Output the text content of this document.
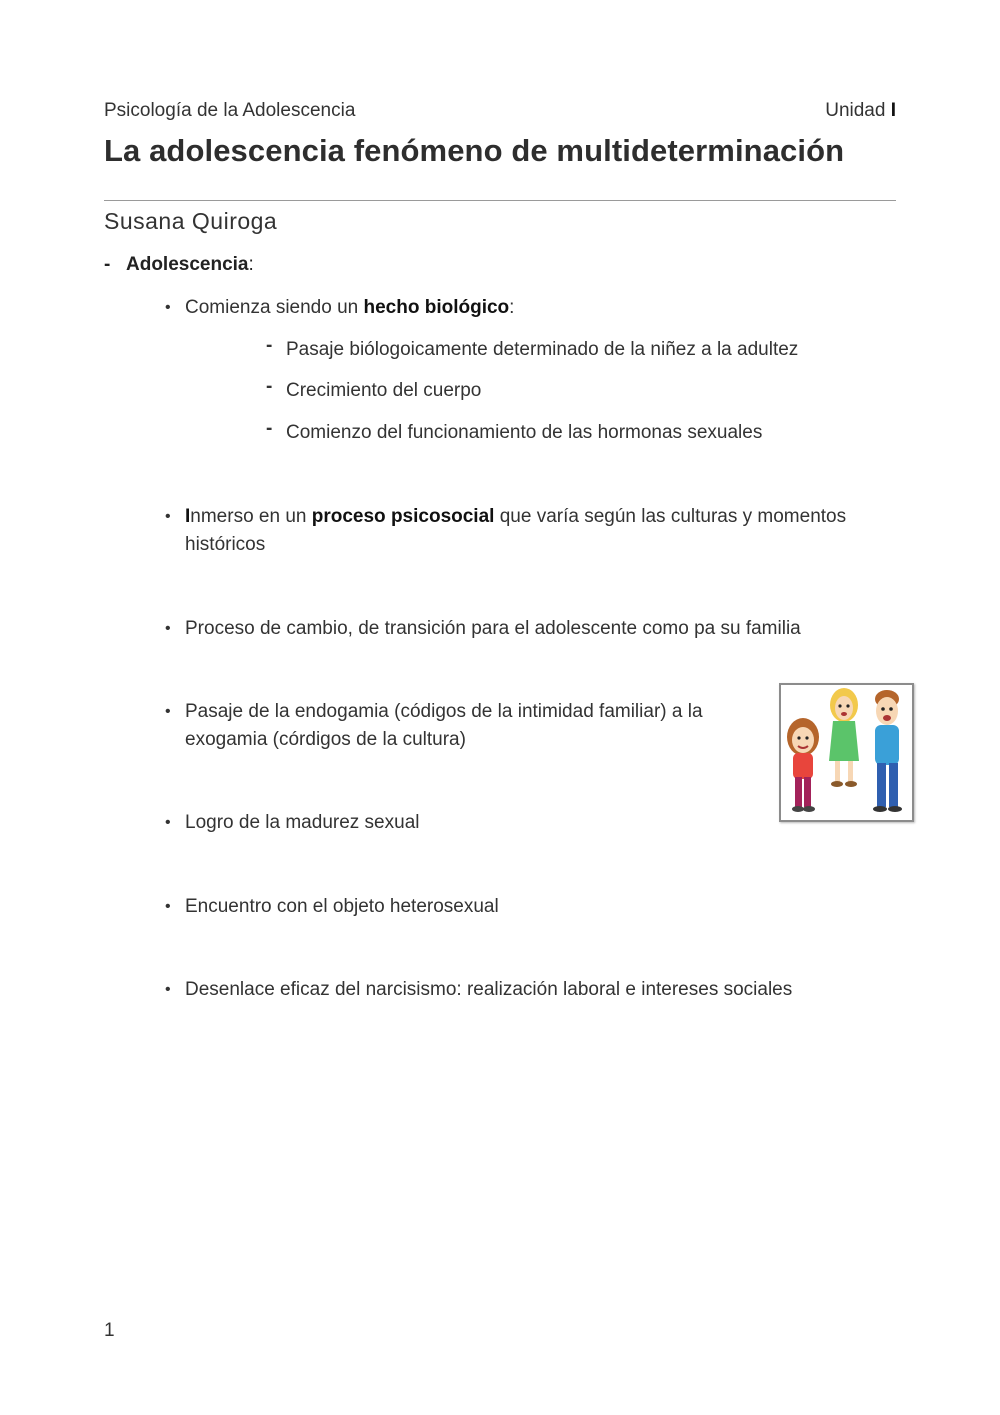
Psicología de la Adolescencia	Unidad I
La adolescencia fenómeno de multideterminación
Susana Quiroga
- Adolescencia:
• Comienza siendo un hecho biológico:
- Pasaje biólogoicamente determinado de la niñez a la adultez
- Crecimiento del cuerpo
- Comienzo del funcionamiento de las hormonas sexuales
• Inmerso en un proceso psicosocial que varía según las culturas y momentos
históricos
• Proceso de cambio, de transición para el adolescente como pa su familia
• Pasaje de la endogamia (códigos de la intimidad familiar) a la
exogamia (córdigos de la cultura)
• Logro de la madurez sexual
• Encuentro con el objeto heterosexual
• Desenlace eficaz del narcisismo: realización laboral e intereses sociales
1
